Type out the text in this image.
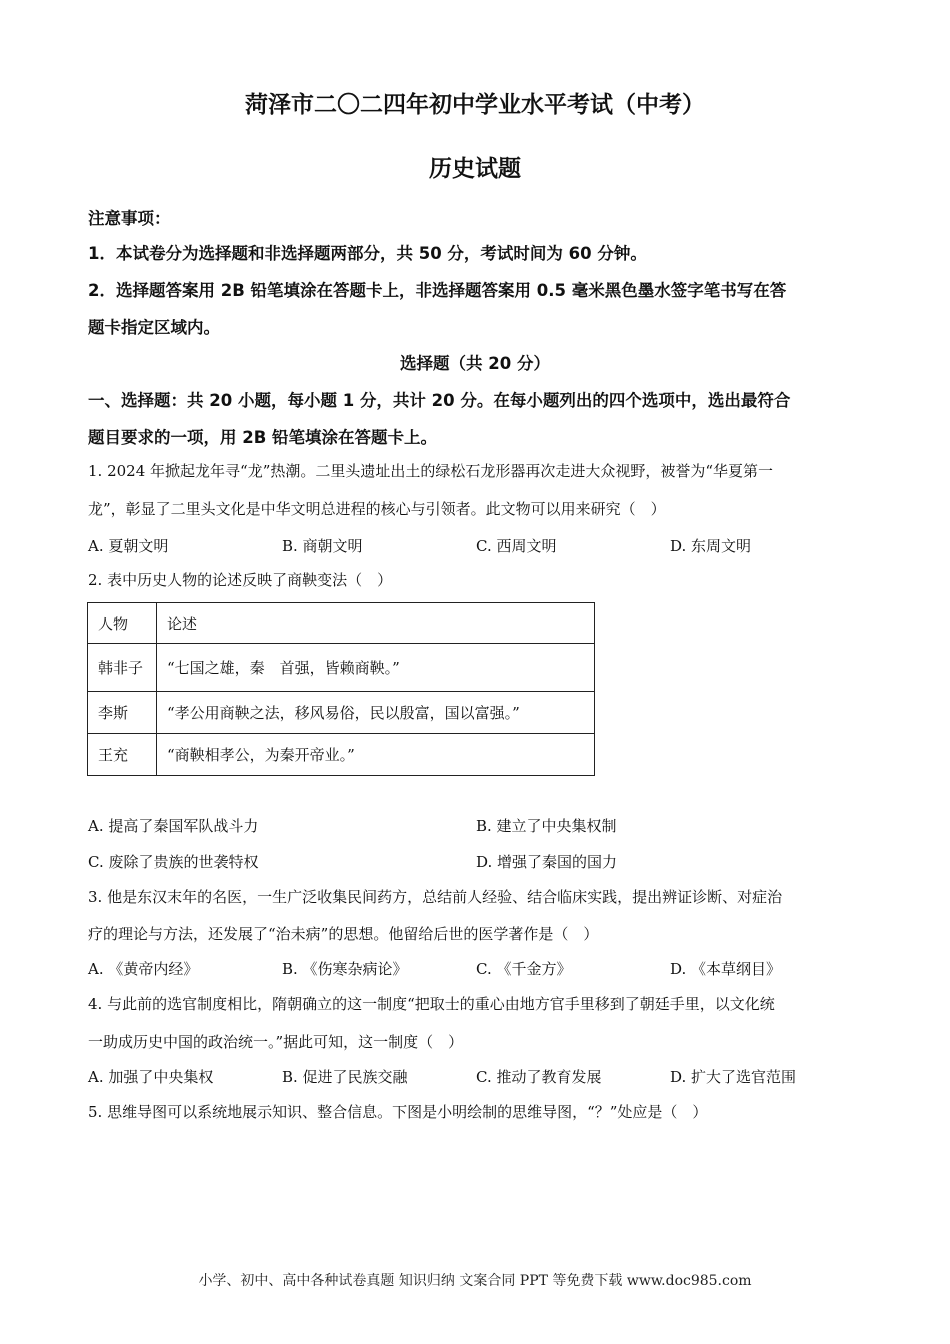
菏泽市二〇二四年初中学业水平考试（中考）
历史试题
注意事项：
1．本试卷分为选择题和非选择题两部分，共 50 分，考试时间为 60 分钟。
2．选择题答案用 2B 铅笔填涂在答题卡上，非选择题答案用 0.5 毫米黑色墨水签字笔书写在答
题卡指定区域内。
选择题（共 20 分）
一、选择题：共 20 小题，每小题 1 分，共计 20 分。在每小题列出的四个选项中，选出最符合
题目要求的一项，用 2B 铅笔填涂在答题卡上。
1. 2024 年掀起龙年寻“龙”热潮。二里头遗址出土的绿松石龙形器再次走进大众视野，被誉为“华夏第一
龙”，彰显了二里头文化是中华文明总进程的核心与引领者。此文物可以用来研究（　）
A. 夏朝文明	B. 商朝文明	C. 西周文明	D. 东周文明
2. 表中历史人物的论述反映了商鞅变法（　）
人物	论述
韩非子	“七国之雄，秦　首强，皆赖商鞅。”
李斯	“孝公用商鞅之法，移风易俗，民以殷富，国以富强。”
王充	“商鞅相孝公，为秦开帝业。”
A. 提高了秦国军队战斗力	B. 建立了中央集权制
C. 废除了贵族的世袭特权	D. 增强了秦国的国力
3. 他是东汉末年的名医，一生广泛收集民间药方，总结前人经验、结合临床实践，提出辨证诊断、对症治
疗的理论与方法，还发展了“治未病”的思想。他留给后世的医学著作是（　）
A. 《黄帝内经》	B. 《伤寒杂病论》	C. 《千金方》	D. 《本草纲目》
4. 与此前的选官制度相比，隋朝确立的这一制度“把取士的重心由地方官手里移到了朝廷手里，以文化统
一助成历史中国的政治统一。”据此可知，这一制度（　）
A. 加强了中央集权	B. 促进了民族交融	C. 推动了教育发展	D. 扩大了选官范围
5. 思维导图可以系统地展示知识、整合信息。下图是小明绘制的思维导图，“？”处应是（　）
小学、初中、高中各种试卷真题 知识归纳 文案合同 PPT 等免费下载 www.doc985.com
